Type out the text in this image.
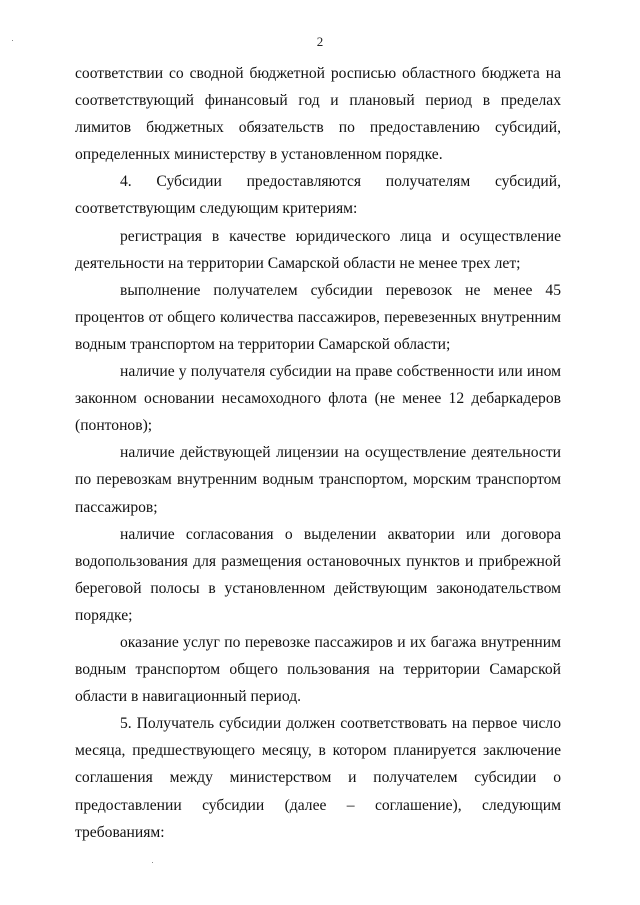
2

соответствии со сводной бюджетной росписью областного бюджета на соответствующий финансовый год и плановый период в пределах лимитов бюджетных обязательств по предоставлению субсидий, определенных министерству в установленном порядке.

4. Субсидии предоставляются получателям субсидий, соответствующим следующим критериям:

регистрация в качестве юридического лица и осуществление деятельности на территории Самарской области не менее трех лет;

выполнение получателем субсидии перевозок не менее 45 процентов от общего количества пассажиров, перевезенных внутренним водным транспортом на территории Самарской области;

наличие у получателя субсидии на праве собственности или ином законном основании несамоходного флота (не менее 12 дебаркадеров (понтонов);

наличие действующей лицензии на осуществление деятельности по перевозкам внутренним водным транспортом, морским транспортом пассажиров;

наличие согласования о выделении акватории или договора водопользования для размещения остановочных пунктов и прибрежной береговой полосы в установленном действующим законодательством порядке;

оказание услуг по перевозке пассажиров и их багажа внутренним водным транспортом общего пользования на территории Самарской области в навигационный период.

5. Получатель субсидии должен соответствовать на первое число месяца, предшествующего месяцу, в котором планируется заключение соглашения между министерством и получателем субсидии о предоставлении субсидии (далее – соглашение), следующим требованиям:
